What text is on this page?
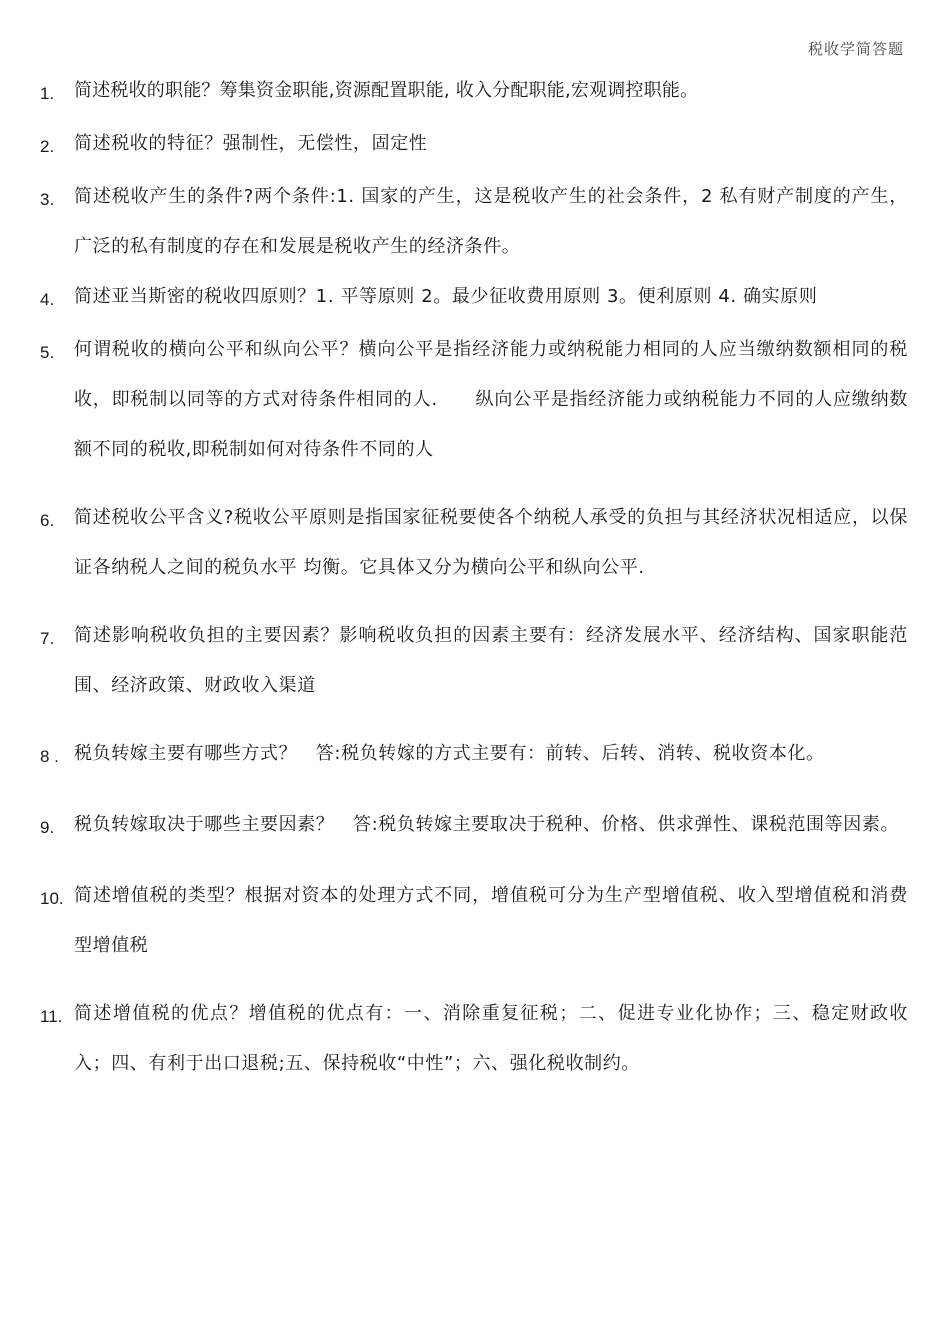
税收学简答题
1.	简述税收的职能？筹集资金职能,资源配置职能, 收入分配职能,宏观调控职能。
2.	简述税收的特征？强制性，无偿性，固定性
3.	简述税收产生的条件?两个条件:1. 国家的产生，这是税收产生的社会条件，2 私有财产制度的产生，广泛的私有制度的存在和发展是税收产生的经济条件。
4.	简述亚当斯密的税收四原则？1. 平等原则 2。最少征收费用原则 3。便利原则 4. 确实原则
5.	何谓税收的横向公平和纵向公平？横向公平是指经济能力或纳税能力相同的人应当缴纳数额相同的税收，即税制以同等的方式对待条件相同的人.　　纵向公平是指经济能力或纳税能力不同的人应缴纳数额不同的税收,即税制如何对待条件不同的人
6.	简述税收公平含义?税收公平原则是指国家征税要使各个纳税人承受的负担与其经济状况相适应，以保证各纳税人之间的税负水平 均衡。它具体又分为横向公平和纵向公平.
7.	简述影响税收负担的主要因素？影响税收负担的因素主要有：经济发展水平、经济结构、国家职能范围、经济政策、财政收入渠道
8 . 税负转嫁主要有哪些方式？　答:税负转嫁的方式主要有：前转、后转、消转、税收资本化。
9.	税负转嫁取决于哪些主要因素？　答:税负转嫁主要取决于税种、价格、供求弹性、课税范围等因素。
10. 简述增值税的类型？根据对资本的处理方式不同，增值税可分为生产型增值税、收入型增值税和消费型增值税
11. 简述增值税的优点？增值税的优点有：一、消除重复征税；二、促进专业化协作；三、稳定财政收入；四、有利于出口退税;五、保持税收“中性”；六、强化税收制约。
